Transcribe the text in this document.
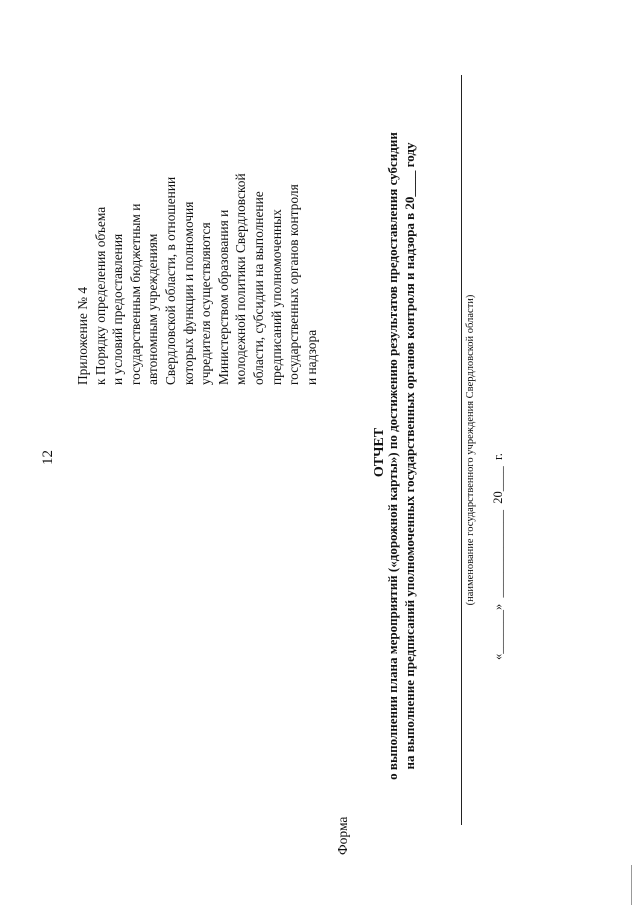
12
Приложение № 4 к Порядку определения объема и условий предоставления государственным бюджетным и автономным учреждениям Свердловской области, в отношении которых функции и полномочия учредителя осуществляются Министерством образования и молодежной политики Свердловской области, субсидии на выполнение предписаний уполномоченных государственных органов контроля и надзора
Форма
ОТЧЕТ
о выполнении плана мероприятий («дорожной карты») по достижению результатов предоставления субсидии на выполнение предписаний уполномоченных государственных органов контроля и надзора в 20____ году	(наименование государственного учреждения Свердловской области) «_______»  ______________  20____  г.
